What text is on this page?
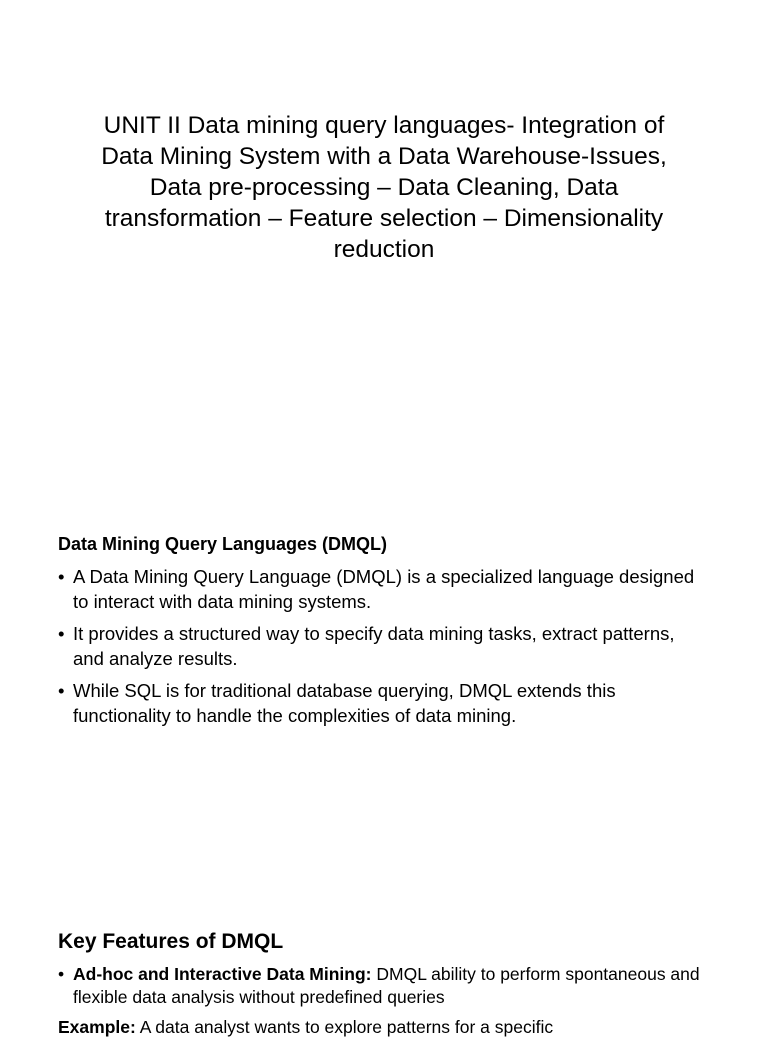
UNIT II Data mining query languages- Integration of Data Mining System with a Data Warehouse-Issues, Data pre-processing – Data Cleaning, Data transformation – Feature selection – Dimensionality reduction
Data Mining Query Languages (DMQL)
• A Data Mining Query Language (DMQL) is a specialized language designed to interact with data mining systems.
• It provides a structured way to specify data mining tasks, extract patterns, and analyze results.
• While SQL is for traditional database querying, DMQL extends this functionality to handle the complexities of data mining.
Key Features of DMQL
• Ad-hoc and Interactive Data Mining: DMQL ability to perform spontaneous and flexible data analysis without predefined queries
Example: A data analyst wants to explore patterns for a specific
